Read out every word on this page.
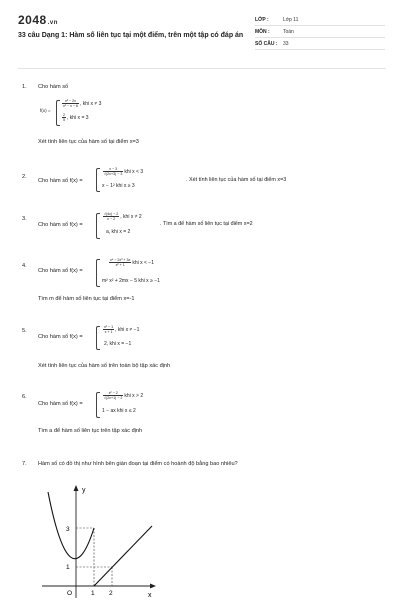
2048.vn
33 câu Dạng 1: Hàm số liên tục tại một điểm, trên một tập có đáp án
LỚP :	Lớp 11
MÔN :	Toán
SỐ CÂU :	33
1. Cho hàm số
f(x) =
$\frac{\text{x² − 2x}}{\text{x² − x − 6}}$ , khi x ≠ 3
$\frac{2}{5}$ , khi x = 3
Xét tính liên tục của hàm số tại điểm x=3
2.
Cho hàm số f(x) =
$\frac{x - 3}{√(2x+3) - 3}$ khi x < 3
x − 1² khi x ≥ 3
. Xét tính liên tục của hàm số tại điểm x=3
3.
Cho hàm số f(x) =
$\frac{√(4x) - 2}{x - 2}$ , khi x ≠ 2
a, khi x = 2
. Tìm a để hàm số liên tục tại điểm x=2
4.
Cho hàm số f(x) =
$\frac{\text{x⁴ − 2x³ + 3x}}{\text{x² + 1}}$ khi x < −1
m² x² + 2mx − 5 khi x ≥ −1
Tìm m để hàm số liên tục tại điểm x=-1
5.
Cho hàm số f(x) =
$\frac{\text{x² − 1}}{x + 1}$ , khi x ≠ −1
2, khi x = −1
Xét tính liên tục của hàm số trên toàn bộ tập xác định
6.
Cho hàm số f(x) =
$\frac{\text{x² − 2}}{√(2x+1) - 2}$ khi x > 2
1 − ax khi x ≤ 2
Tìm a để hàm số liên tục trên tập xác định
7. Hàm số có đồ thị như hình bên gián đoạn tại điểm có hoành độ bằng bao nhiêu?
y
x
3
1
O	1 2
